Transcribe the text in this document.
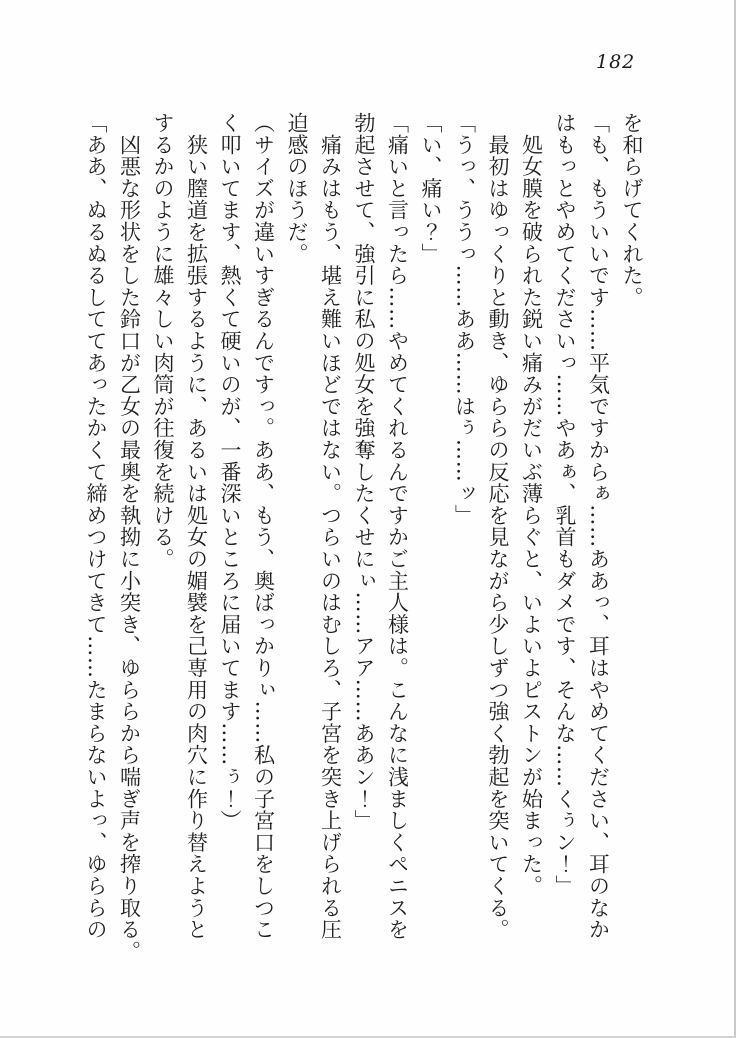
182
を和らげてくれた。
「も、もういいです……平気ですからぁ……ああっ、耳はやめてください、耳のなか
はもっとやめてくださいっ……やあぁ、乳首もダメです、そんな……くぅン！」
　処女膜を破られた鋭い痛みがだいぶ薄らぐと、いよいよピストンが始まった。
　最初はゆっくりと動き、ゆららの反応を見ながら少しずつ強く勃起を突いてくる。
「うっ、ううっ……ああ……はぅ……ッ」
「い、痛い？」
「痛いと言ったら……やめてくれるんですかご主人様は。こんなに浅ましくペニスを
勃起させて、強引に私の処女を強奪したくせにぃ……アア……ああン！」
　痛みはもう、堪え難いほどではない。つらいのはむしろ、子宮を突き上げられる圧
迫感のほうだ。
（サイズが違いすぎるんですっ。ああ、もう、奥ばっかりぃ……私の子宮口をしつこ
く叩いてます、熱くて硬いのが、一番深いところに届いてます……ぅ！）
　狭い膣道を拡張するように、あるいは処女の媚襞を己専用の肉穴に作り替えようと
するかのように雄々しい肉筒が往復を続ける。
　凶悪な形状をした鈴口が乙女の最奥を執拗に小突き、ゆららから喘ぎ声を搾り取る。
「ああ、ぬるぬるしててあったかくて締めつけてきて……たまらないよっ、ゆららの
